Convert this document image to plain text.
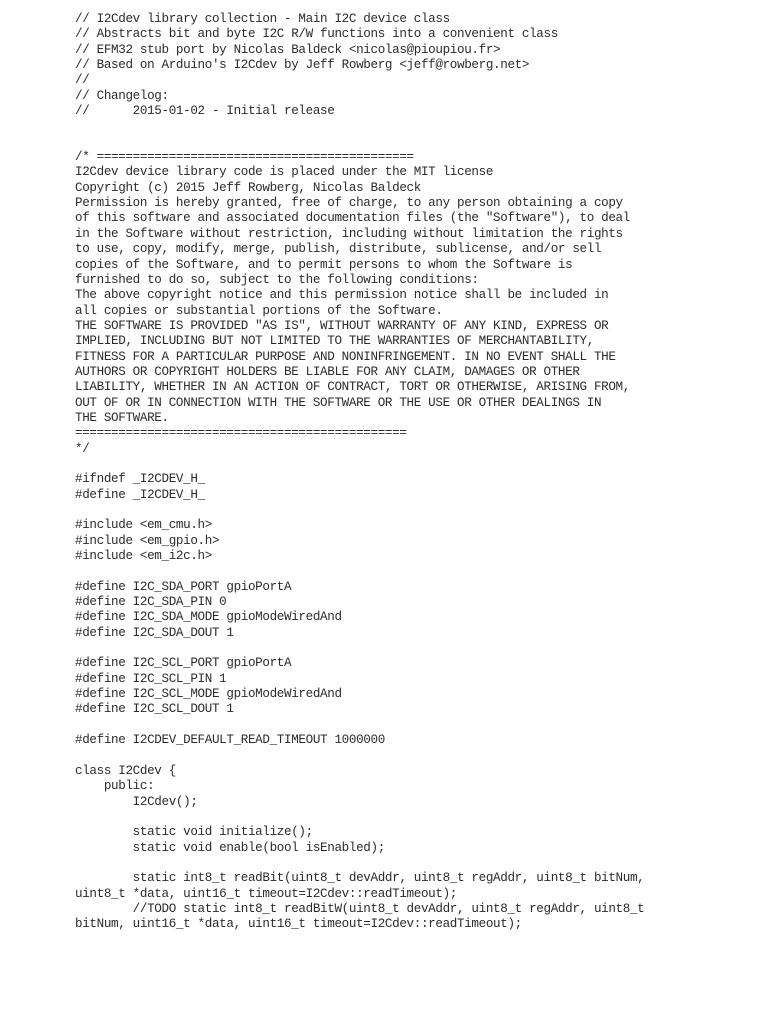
// I2Cdev library collection - Main I2C device class
// Abstracts bit and byte I2C R/W functions into a convenient class
// EFM32 stub port by Nicolas Baldeck <nicolas@pioupiou.fr>
// Based on Arduino's I2Cdev by Jeff Rowberg <jeff@rowberg.net>
//
// Changelog:
//      2015-01-02 - Initial release
/* ============================================
I2Cdev device library code is placed under the MIT license
Copyright (c) 2015 Jeff Rowberg, Nicolas Baldeck
Permission is hereby granted, free of charge, to any person obtaining a copy
of this software and associated documentation files (the "Software"), to deal
in the Software without restriction, including without limitation the rights
to use, copy, modify, merge, publish, distribute, sublicense, and/or sell
copies of the Software, and to permit persons to whom the Software is
furnished to do so, subject to the following conditions:
The above copyright notice and this permission notice shall be included in
all copies or substantial portions of the Software.
THE SOFTWARE IS PROVIDED "AS IS", WITHOUT WARRANTY OF ANY KIND, EXPRESS OR
IMPLIED, INCLUDING BUT NOT LIMITED TO THE WARRANTIES OF MERCHANTABILITY,
FITNESS FOR A PARTICULAR PURPOSE AND NONINFRINGEMENT. IN NO EVENT SHALL THE
AUTHORS OR COPYRIGHT HOLDERS BE LIABLE FOR ANY CLAIM, DAMAGES OR OTHER
LIABILITY, WHETHER IN AN ACTION OF CONTRACT, TORT OR OTHERWISE, ARISING FROM,
OUT OF OR IN CONNECTION WITH THE SOFTWARE OR THE USE OR OTHER DEALINGS IN
THE SOFTWARE.
==============================================
*/
#ifndef _I2CDEV_H_
#define _I2CDEV_H_
#include <em_cmu.h>
#include <em_gpio.h>
#include <em_i2c.h>
#define I2C_SDA_PORT gpioPortA
#define I2C_SDA_PIN 0
#define I2C_SDA_MODE gpioModeWiredAnd
#define I2C_SDA_DOUT 1
#define I2C_SCL_PORT gpioPortA
#define I2C_SCL_PIN 1
#define I2C_SCL_MODE gpioModeWiredAnd
#define I2C_SCL_DOUT 1
#define I2CDEV_DEFAULT_READ_TIMEOUT 1000000
class I2Cdev {
public:
I2Cdev();
static void initialize();
static void enable(bool isEnabled);
static int8_t readBit(uint8_t devAddr, uint8_t regAddr, uint8_t bitNum,
uint8_t *data, uint16_t timeout=I2Cdev::readTimeout);
//TODO static int8_t readBitW(uint8_t devAddr, uint8_t regAddr, uint8_t
bitNum, uint16_t *data, uint16_t timeout=I2Cdev::readTimeout);
